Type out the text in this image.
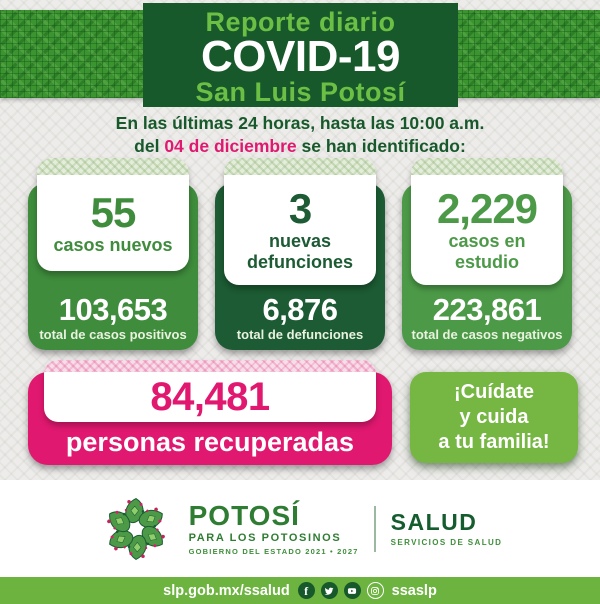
Reporte diario
COVID-19
San Luis Potosí
En las últimas 24 horas, hasta las 10:00 a.m.
del 04 de diciembre se han identificado:
55
casos nuevos
103,653
total de casos positivos
3
nuevas defunciones
6,876
total de defunciones
2,229
casos en estudio
223,861
total de casos negativos
84,481
personas recuperadas
¡Cuídate
y cuida
a tu familia!
POTOSÍ
PARA LOS POTOSINOS
GOBIERNO DEL ESTADO 2021 • 2027
SALUD
SERVICIOS DE SALUD
slp.gob.mx/ssalud f	ssaslp
